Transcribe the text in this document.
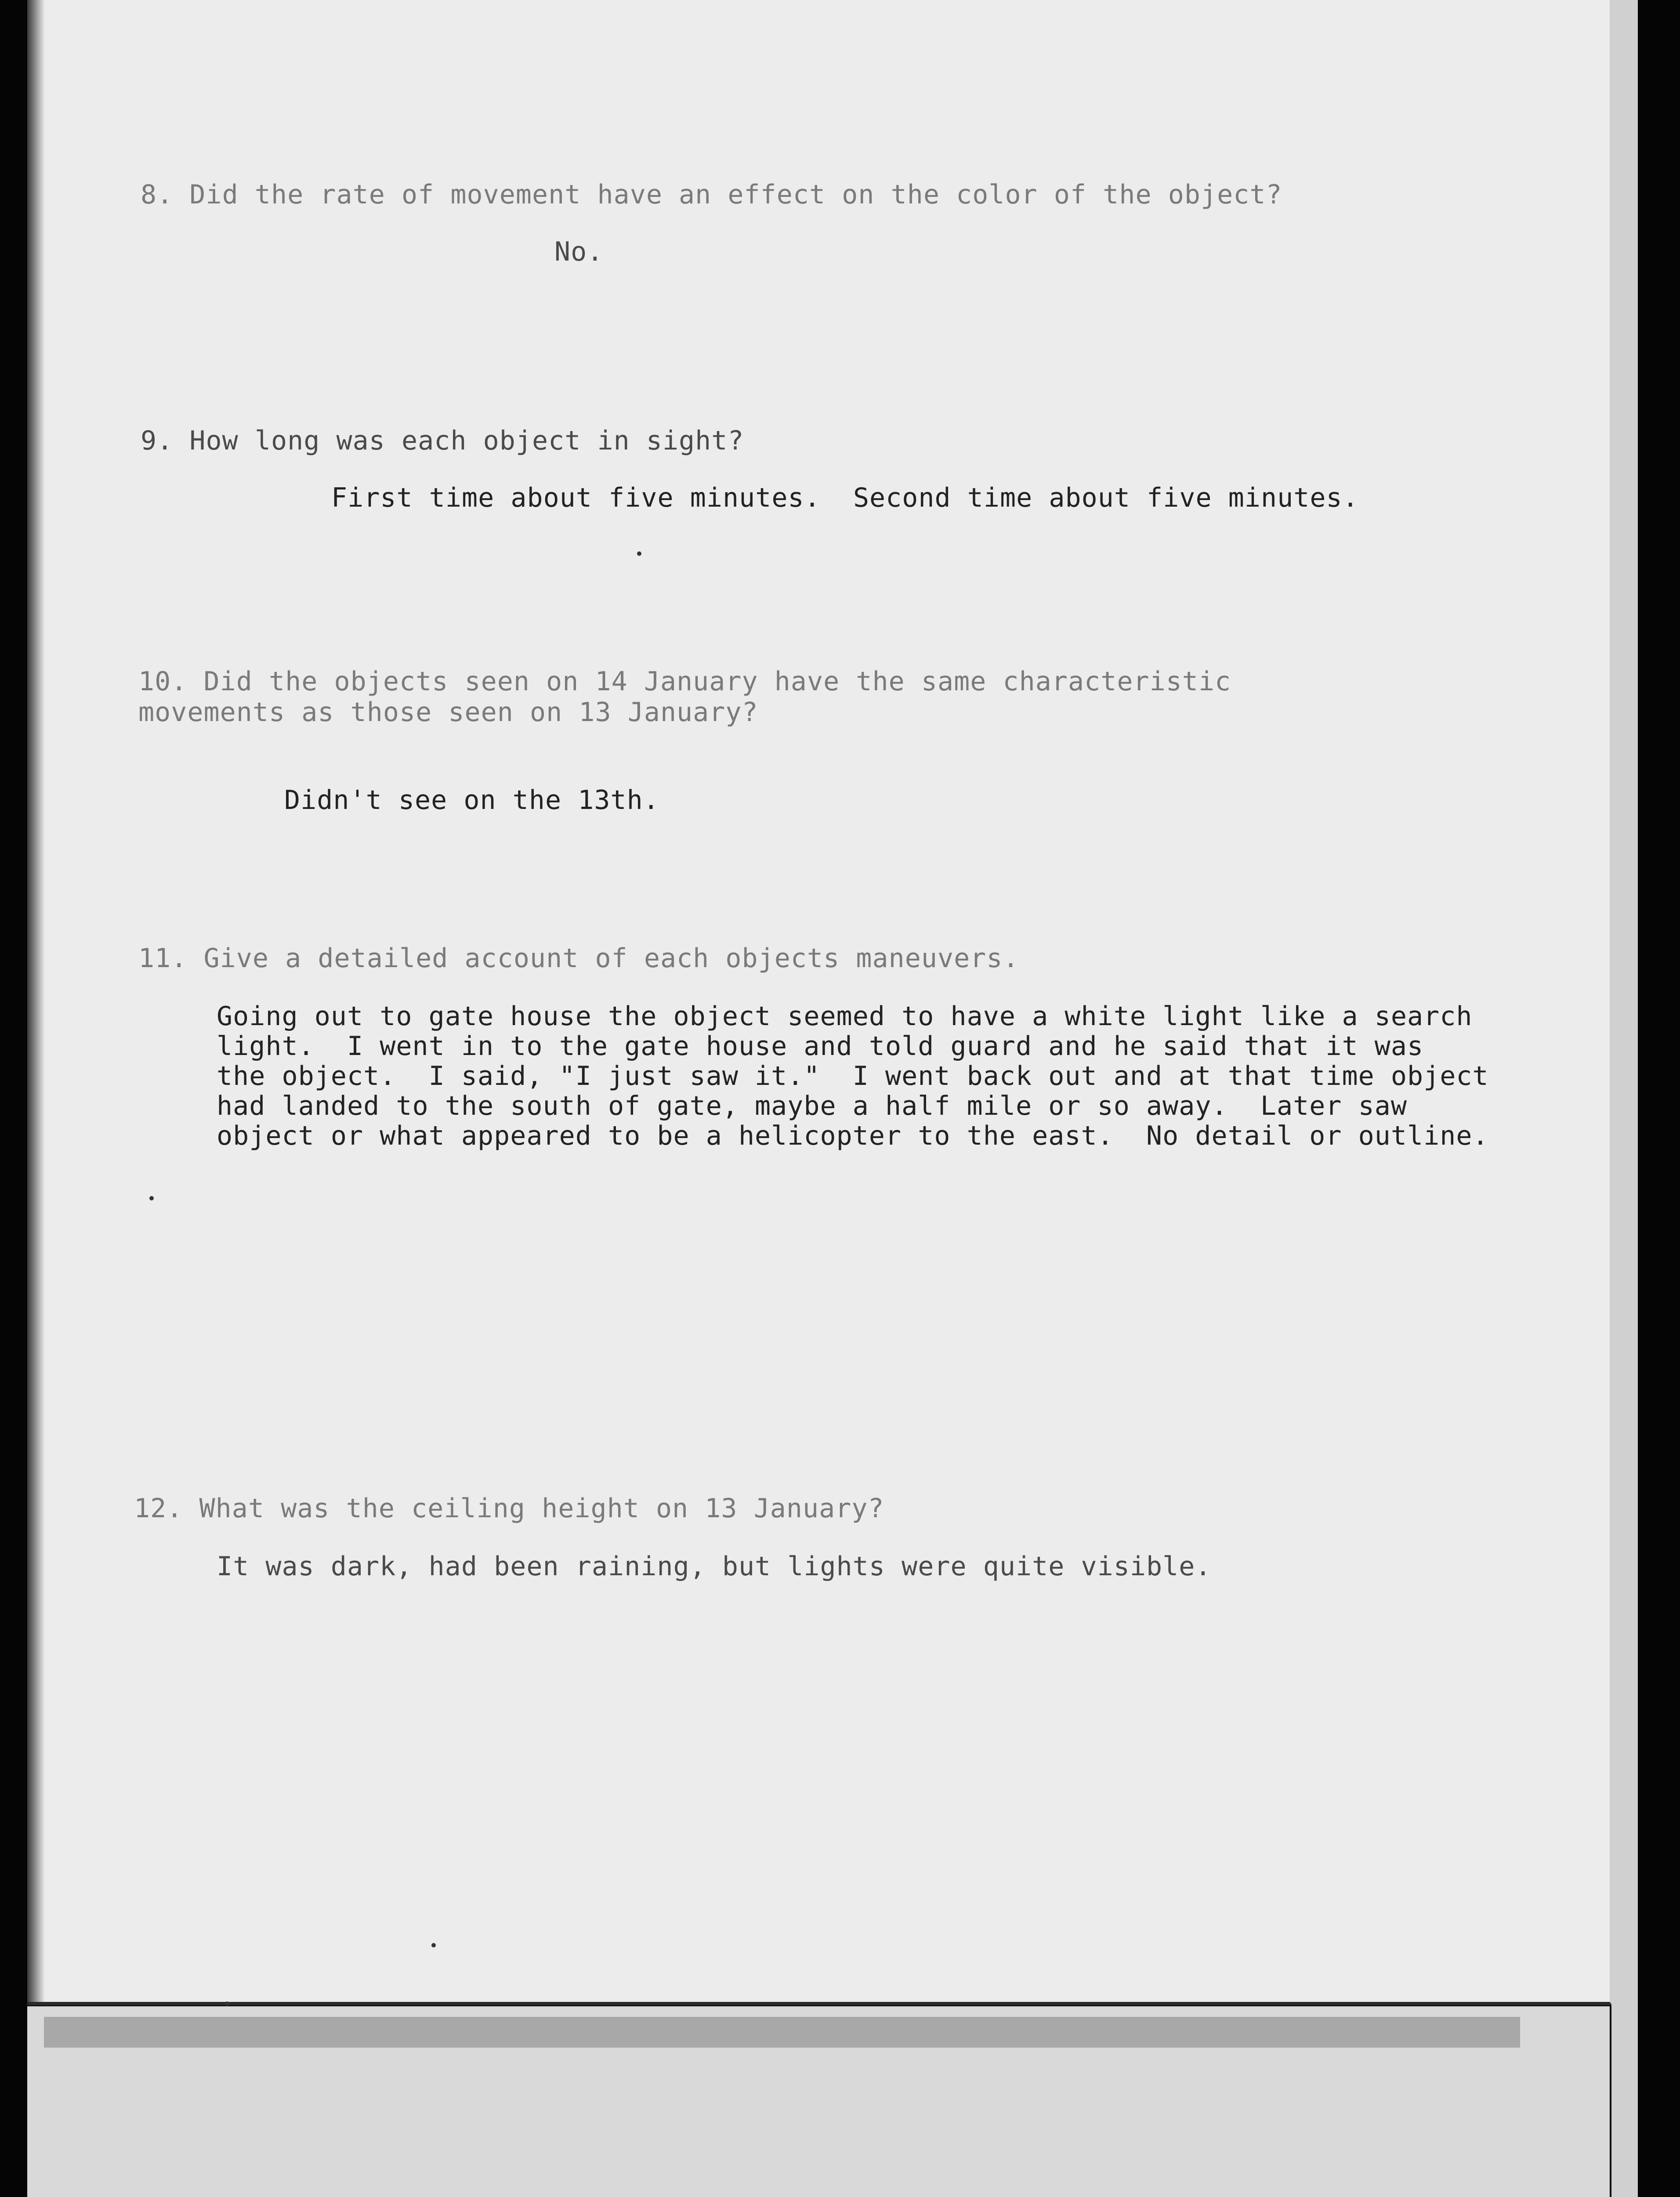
8. Did the rate of movement have an effect on the color of the object?
No.
9. How long was each object in sight?
First time about five minutes.  Second time about five minutes.
10. Did the objects seen on 14 January have the same characteristic
movements as those seen on 13 January?
Didn't see on the 13th.
11. Give a detailed account of each objects maneuvers.
Going out to gate house the object seemed to have a white light like a search
light.  I went in to the gate house and told guard and he said that it was
the object.  I said, "I just saw it."  I went back out and at that time object
had landed to the south of gate, maybe a half mile or so away.  Later saw
object or what appeared to be a helicopter to the east.  No detail or outline.
12. What was the ceiling height on 13 January?
It was dark, had been raining, but lights were quite visible.
